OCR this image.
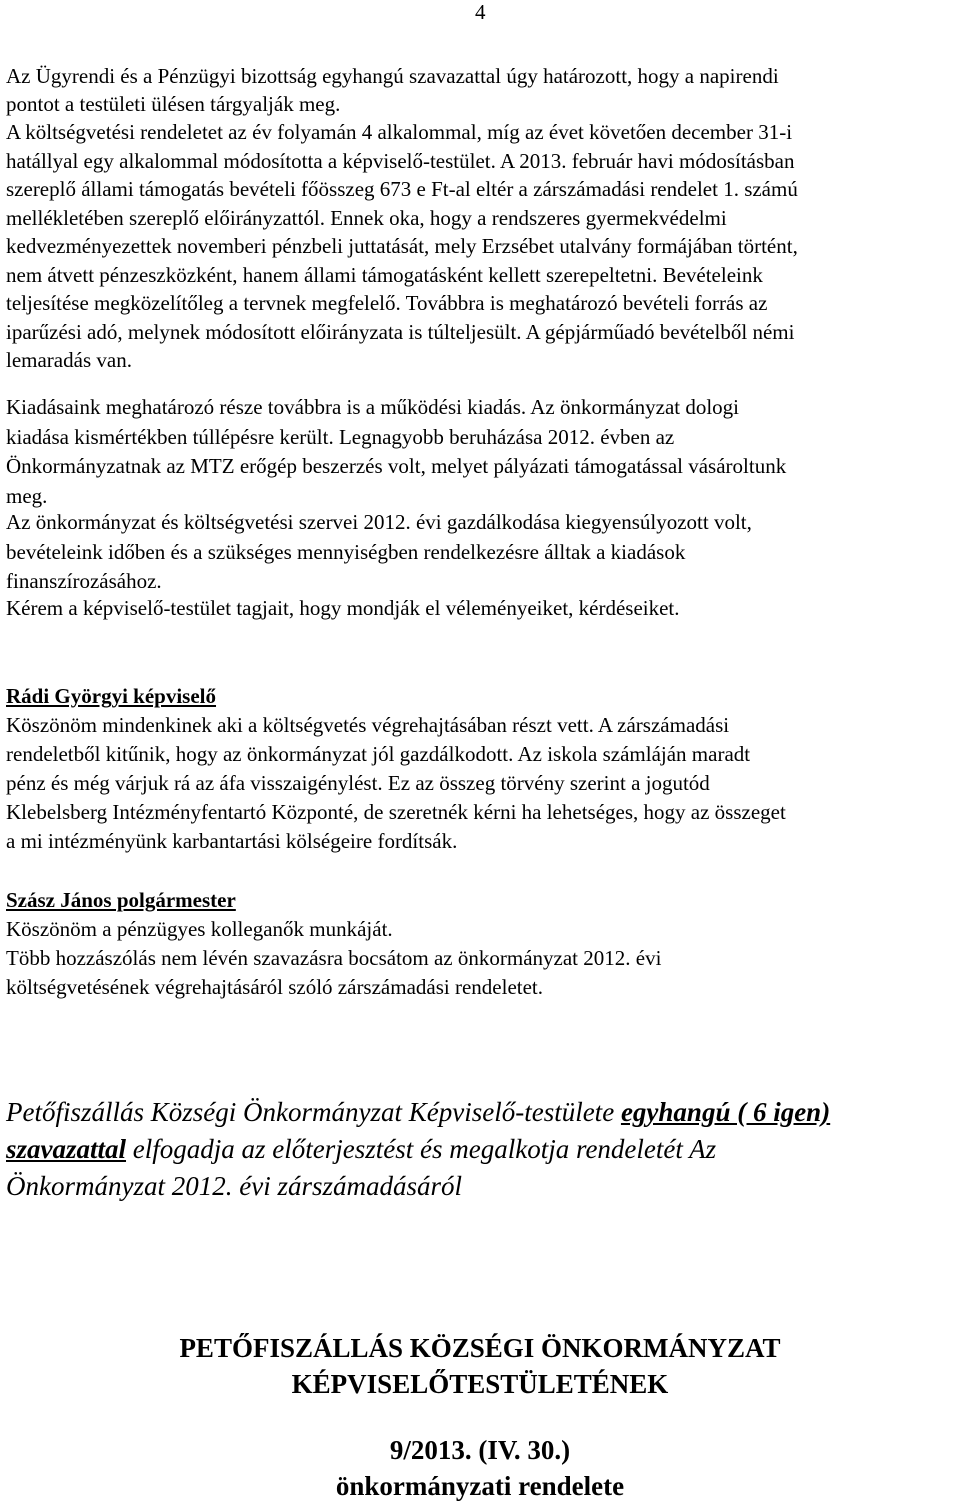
4
Az Ügyrendi és a Pénzügyi bizottság egyhangú szavazattal úgy határozott, hogy a napirendi
pontot a testületi ülésen tárgyalják meg.
A költségvetési rendeletet az év folyamán 4 alkalommal, míg az évet követően december 31-i
hatállyal egy alkalommal módosította a képviselő-testület. A 2013. február havi módosításban
szereplő állami támogatás bevételi főösszeg 673 e Ft-al eltér a zárszámadási rendelet 1. számú
mellékletében szereplő előirányzattól. Ennek oka, hogy a rendszeres gyermekvédelmi
kedvezményezettek novemberi pénzbeli juttatását, mely Erzsébet utalvány formájában történt,
nem átvett pénzeszközként, hanem állami támogatásként kellett szerepeltetni. Bevételeink
teljesítése megközelítőleg a tervnek megfelelő. Továbbra is meghatározó bevételi forrás az
iparűzési adó, melynek módosított előirányzata is túlteljesült. A gépjárműadó bevételből némi
lemaradás van.
Kiadásaink meghatározó része továbbra is a működési kiadás. Az önkormányzat dologi
kiadása kismértékben túllépésre került. Legnagyobb beruházása 2012. évben az
Önkormányzatnak az MTZ erőgép beszerzés volt, melyet pályázati támogatással vásároltunk
meg.
Az önkormányzat és költségvetési szervei 2012. évi gazdálkodása kiegyensúlyozott volt,
bevételeink időben és a szükséges mennyiségben rendelkezésre álltak a kiadások
finanszírozásához.
Kérem a képviselő-testület tagjait, hogy mondják el véleményeiket, kérdéseiket.
Rádi Györgyi képviselő
Köszönöm mindenkinek aki a költségvetés végrehajtásában részt vett. A zárszámadási
rendeletből kitűnik, hogy az önkormányzat jól gazdálkodott. Az iskola számláján maradt
pénz és még várjuk rá az áfa visszaigénylést. Ez az összeg törvény szerint a jogutód
Klebelsberg Intézményfentartó Központé, de szeretnék kérni ha lehetséges, hogy az összeget
a mi intézményünk karbantartási kölségeire fordítsák.
Szász János polgármester
Köszönöm a pénzügyes kolleganők munkáját.
Több hozzászólás nem lévén szavazásra bocsátom az önkormányzat 2012. évi
költségvetésének végrehajtásáról szóló zárszámadási rendeletet.
Petőfiszállás Községi Önkormányzat Képviselő-testülete egyhangú ( 6 igen)
szavazattal elfogadja az előterjesztést és megalkotja rendeletét Az
Önkormányzat 2012. évi zárszámadásáról
PETŐFISZÁLLÁS KÖZSÉGI ÖNKORMÁNYZAT
KÉPVISELŐTESTÜLETÉNEK
9/2013. (IV. 30.)
önkormányzati rendelete
